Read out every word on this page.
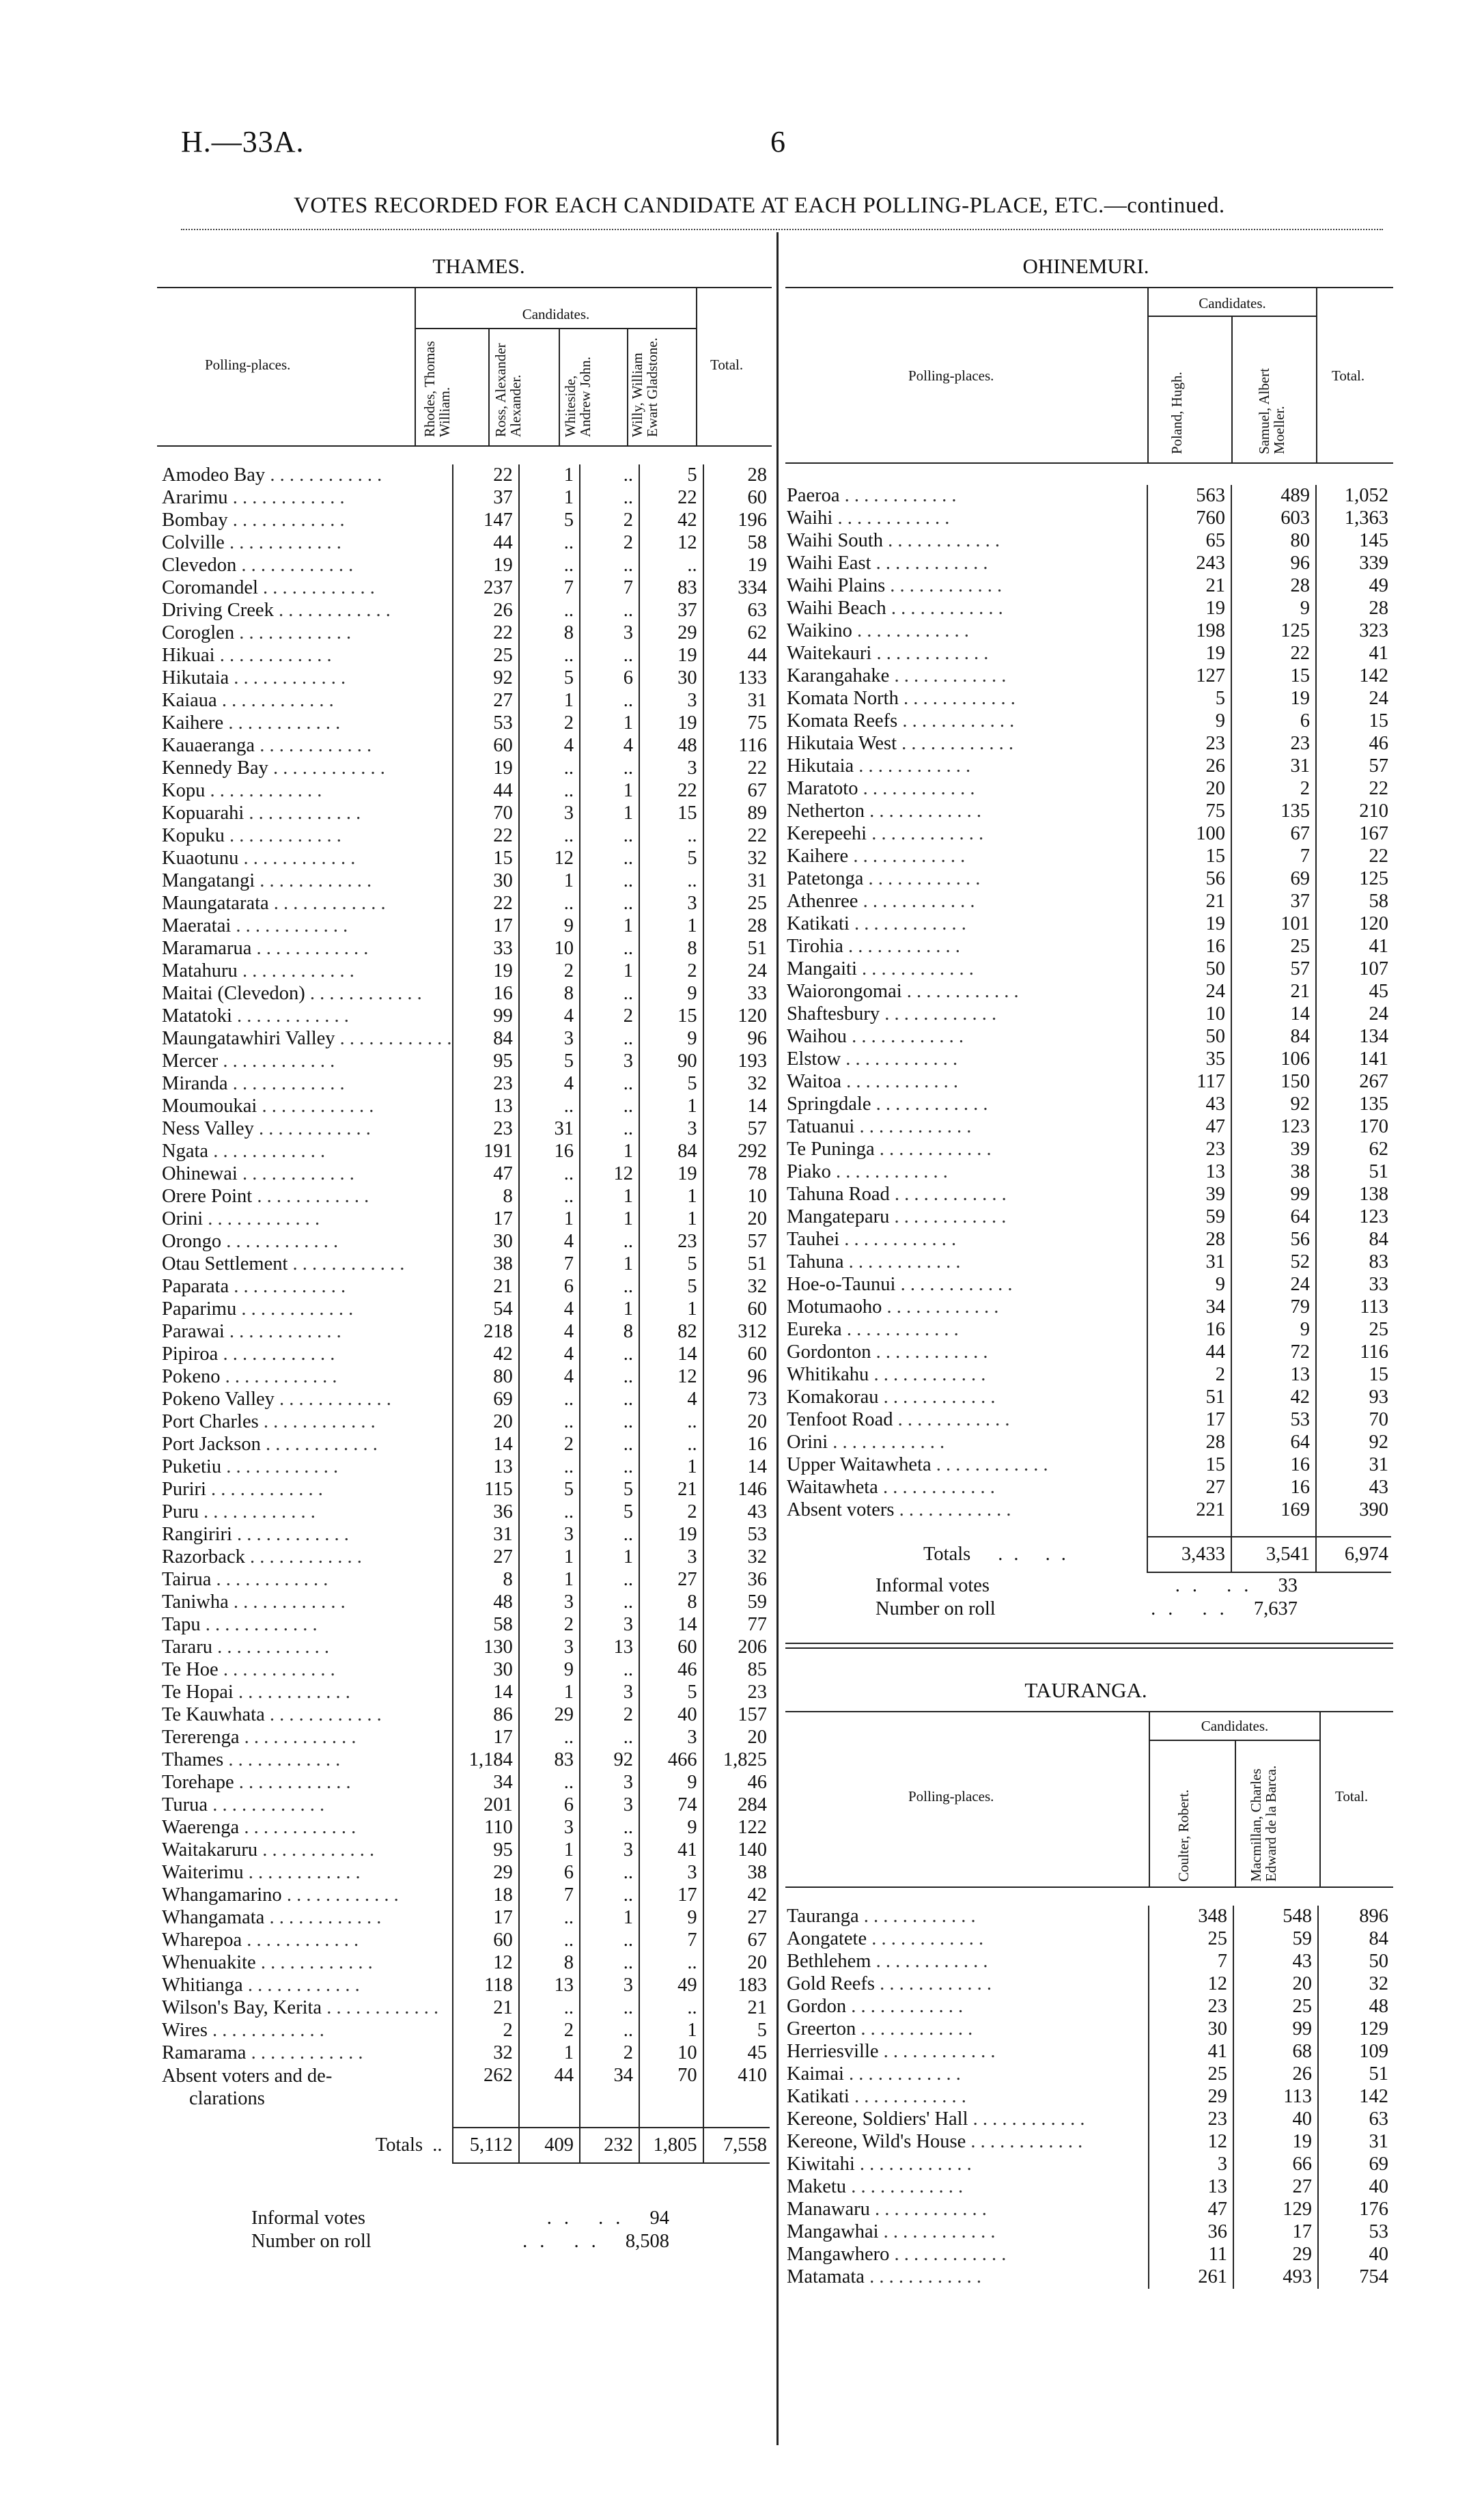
H.—33A.	6
VOTES RECORDED FOR EACH CANDIDATE AT EACH POLLING-PLACE, ETC.—continued.
THAMES.
Polling-places.
Candidates.
Total.
Rhodes, Thomas William.	Ross, Alexander Alexander.	Whiteside, Andrew John.	Willy, William Ewart Gladstone.
Amodeo Bay . . . . . . . . . . . .	22	1	..	5	28
Ararimu . . . . . . . . . . . .	37	1	..	22	60
Bombay . . . . . . . . . . . .	147	5	2	42	196
Colville . . . . . . . . . . . .	44	..	2	12	58
Clevedon . . . . . . . . . . . .	19	..	..	..	19
Coromandel . . . . . . . . . . . .	237	7	7	83	334
Driving Creek . . . . . . . . . . . .	26	..	..	37	63
Coroglen . . . . . . . . . . . .	22	8	3	29	62
Hikuai . . . . . . . . . . . .	25	..	..	19	44
Hikutaia . . . . . . . . . . . .	92	5	6	30	133
Kaiaua . . . . . . . . . . . .	27	1	..	3	31
Kaihere . . . . . . . . . . . .	53	2	1	19	75
Kauaeranga . . . . . . . . . . . .	60	4	4	48	116
Kennedy Bay . . . . . . . . . . . .	19	..	..	3	22
Kopu . . . . . . . . . . . .	44	..	1	22	67
Kopuarahi . . . . . . . . . . . .	70	3	1	15	89
Kopuku . . . . . . . . . . . .	22	..	..	..	22
Kuaotunu . . . . . . . . . . . .	15	12	..	5	32
Mangatangi . . . . . . . . . . . .	30	1	..	..	31
Maungatarata . . . . . . . . . . . .	22	..	..	3	25
Maeratai . . . . . . . . . . . .	17	9	1	1	28
Maramarua . . . . . . . . . . . .	33	10	..	8	51
Matahuru . . . . . . . . . . . .	19	2	1	2	24
Maitai (Clevedon) . . . . . . . . . . . .	16	8	..	9	33
Matatoki . . . . . . . . . . . .	99	4	2	15	120
Maungatawhiri Valley . . . . . . . . . . . .	84	3	..	9	96
Mercer . . . . . . . . . . . .	95	5	3	90	193
Miranda . . . . . . . . . . . .	23	4	..	5	32
Moumoukai . . . . . . . . . . . .	13	..	..	1	14
Ness Valley . . . . . . . . . . . .	23	31	..	3	57
Ngata . . . . . . . . . . . .	191	16	1	84	292
Ohinewai . . . . . . . . . . . .	47	..	12	19	78
Orere Point . . . . . . . . . . . .	8	..	1	1	10
Orini . . . . . . . . . . . .	17	1	1	1	20
Orongo . . . . . . . . . . . .	30	4	..	23	57
Otau Settlement . . . . . . . . . . . .	38	7	1	5	51
Paparata . . . . . . . . . . . .	21	6	..	5	32
Paparimu . . . . . . . . . . . .	54	4	1	1	60
Parawai . . . . . . . . . . . .	218	4	8	82	312
Pipiroa . . . . . . . . . . . .	42	4	..	14	60
Pokeno . . . . . . . . . . . .	80	4	..	12	96
Pokeno Valley . . . . . . . . . . . .	69	..	..	4	73
Port Charles . . . . . . . . . . . .	20	..	..	..	20
Port Jackson . . . . . . . . . . . .	14	2	..	..	16
Puketiu . . . . . . . . . . . .	13	..	..	1	14
Puriri . . . . . . . . . . . .	115	5	5	21	146
Puru . . . . . . . . . . . .	36	..	5	2	43
Rangiriri . . . . . . . . . . . .	31	3	..	19	53
Razorback . . . . . . . . . . . .	27	1	1	3	32
Tairua . . . . . . . . . . . .	8	1	..	27	36
Taniwha . . . . . . . . . . . .	48	3	..	8	59
Tapu . . . . . . . . . . . .	58	2	3	14	77
Tararu . . . . . . . . . . . .	130	3	13	60	206
Te Hoe . . . . . . . . . . . .	30	9	..	46	85
Te Hopai . . . . . . . . . . . .	14	1	3	5	23
Te Kauwhata . . . . . . . . . . . .	86	29	2	40	157
Tererenga . . . . . . . . . . . .	17	..	..	3	20
Thames . . . . . . . . . . . .	1,184	83	92	466	1,825
Torehape . . . . . . . . . . . .	34	..	3	9	46
Turua . . . . . . . . . . . .	201	6	3	74	284
Waerenga . . . . . . . . . . . .	110	3	..	9	122
Waitakaruru . . . . . . . . . . . .	95	1	3	41	140
Waiterimu . . . . . . . . . . . .	29	6	..	3	38
Whangamarino . . . . . . . . . . . .	18	7	..	17	42
Whangamata . . . . . . . . . . . .	17	..	1	9	27
Wharepoa . . . . . . . . . . . .	60	..	..	7	67
Whenuakite . . . . . . . . . . . .	12	8	..	..	20
Whitianga . . . . . . . . . . . .	118	13	3	49	183
Wilson's Bay, Kerita . . . . . . . . . . . .	21	..	..	..	21
Wires . . . . . . . . . . . .	2	2	..	1	5
Ramarama . . . . . . . . . . . .	32	1	2	10	45

Absent voters and de-
clarations	262	44	34	70	410

Totals  ..	5,112	409	232	1,805	7,558
Informal votes	.. .. 94
Number on roll	.. .. 8,508
OHINEMURI.
Polling-places.
Candidates.
Total.
Poland, Hugh.	Samuel, Albert Moeller.
Paeroa . . . . . . . . . . . .	563	489	1,052
Waihi . . . . . . . . . . . .	760	603	1,363
Waihi South . . . . . . . . . . . .	65	80	145
Waihi East . . . . . . . . . . . .	243	96	339
Waihi Plains . . . . . . . . . . . .	21	28	49
Waihi Beach . . . . . . . . . . . .	19	9	28
Waikino . . . . . . . . . . . .	198	125	323
Waitekauri . . . . . . . . . . . .	19	22	41
Karangahake . . . . . . . . . . . .	127	15	142
Komata North . . . . . . . . . . . .	5	19	24
Komata Reefs . . . . . . . . . . . .	9	6	15
Hikutaia West . . . . . . . . . . . .	23	23	46
Hikutaia . . . . . . . . . . . .	26	31	57
Maratoto . . . . . . . . . . . .	20	2	22
Netherton . . . . . . . . . . . .	75	135	210
Kerepeehi . . . . . . . . . . . .	100	67	167
Kaihere . . . . . . . . . . . .	15	7	22
Patetonga . . . . . . . . . . . .	56	69	125
Athenree . . . . . . . . . . . .	21	37	58
Katikati . . . . . . . . . . . .	19	101	120
Tirohia . . . . . . . . . . . .	16	25	41
Mangaiti . . . . . . . . . . . .	50	57	107
Waiorongomai . . . . . . . . . . . .	24	21	45
Shaftesbury . . . . . . . . . . . .	10	14	24
Waihou . . . . . . . . . . . .	50	84	134
Elstow . . . . . . . . . . . .	35	106	141
Waitoa . . . . . . . . . . . .	117	150	267
Springdale . . . . . . . . . . . .	43	92	135
Tatuanui . . . . . . . . . . . .	47	123	170
Te Puninga . . . . . . . . . . . .	23	39	62
Piako . . . . . . . . . . . .	13	38	51
Tahuna Road . . . . . . . . . . . .	39	99	138
Mangateparu . . . . . . . . . . . .	59	64	123
Tauhei . . . . . . . . . . . .	28	56	84
Tahuna . . . . . . . . . . . .	31	52	83
Hoe-o-Taunui . . . . . . . . . . . .	9	24	33
Motumaoho . . . . . . . . . . . .	34	79	113
Eureka . . . . . . . . . . . .	16	9	25
Gordonton . . . . . . . . . . . .	44	72	116
Whitikahu . . . . . . . . . . . .	2	13	15
Komakorau . . . . . . . . . . . .	51	42	93
Tenfoot Road . . . . . . . . . . . .	17	53	70
Orini . . . . . . . . . . . .	28	64	92
Upper Waitawheta . . . . . . . . . . . .	15	16	31
Waitawheta . . . . . . . . . . . .	27	16	43
Absent voters . . . . . . . . . . . .	221	169	390

Totals .. ..	3,433	3,541	6,974
Informal votes	.. .. 33
Number on roll	.. .. 7,637
TAURANGA.
Polling-places.
Candidates.
Total.
Coulter, Robert.	Macmillan, Charles Edward de la Barca.
Tauranga . . . . . . . . . . . .	348	548	896
Aongatete . . . . . . . . . . . .	25	59	84
Bethlehem . . . . . . . . . . . .	7	43	50
Gold Reefs . . . . . . . . . . . .	12	20	32
Gordon . . . . . . . . . . . .	23	25	48
Greerton . . . . . . . . . . . .	30	99	129
Herriesville . . . . . . . . . . . .	41	68	109
Kaimai . . . . . . . . . . . .	25	26	51
Katikati . . . . . . . . . . . .	29	113	142
Kereone, Soldiers' Hall . . . . . . . . . . . .	23	40	63
Kereone, Wild's House . . . . . . . . . . . .	12	19	31
Kiwitahi . . . . . . . . . . . .	3	66	69
Maketu . . . . . . . . . . . .	13	27	40
Manawaru . . . . . . . . . . . .	47	129	176
Mangawhai . . . . . . . . . . . .	36	17	53
Mangawhero . . . . . . . . . . . .	11	29	40
Matamata . . . . . . . . . . . .	261	493	754
